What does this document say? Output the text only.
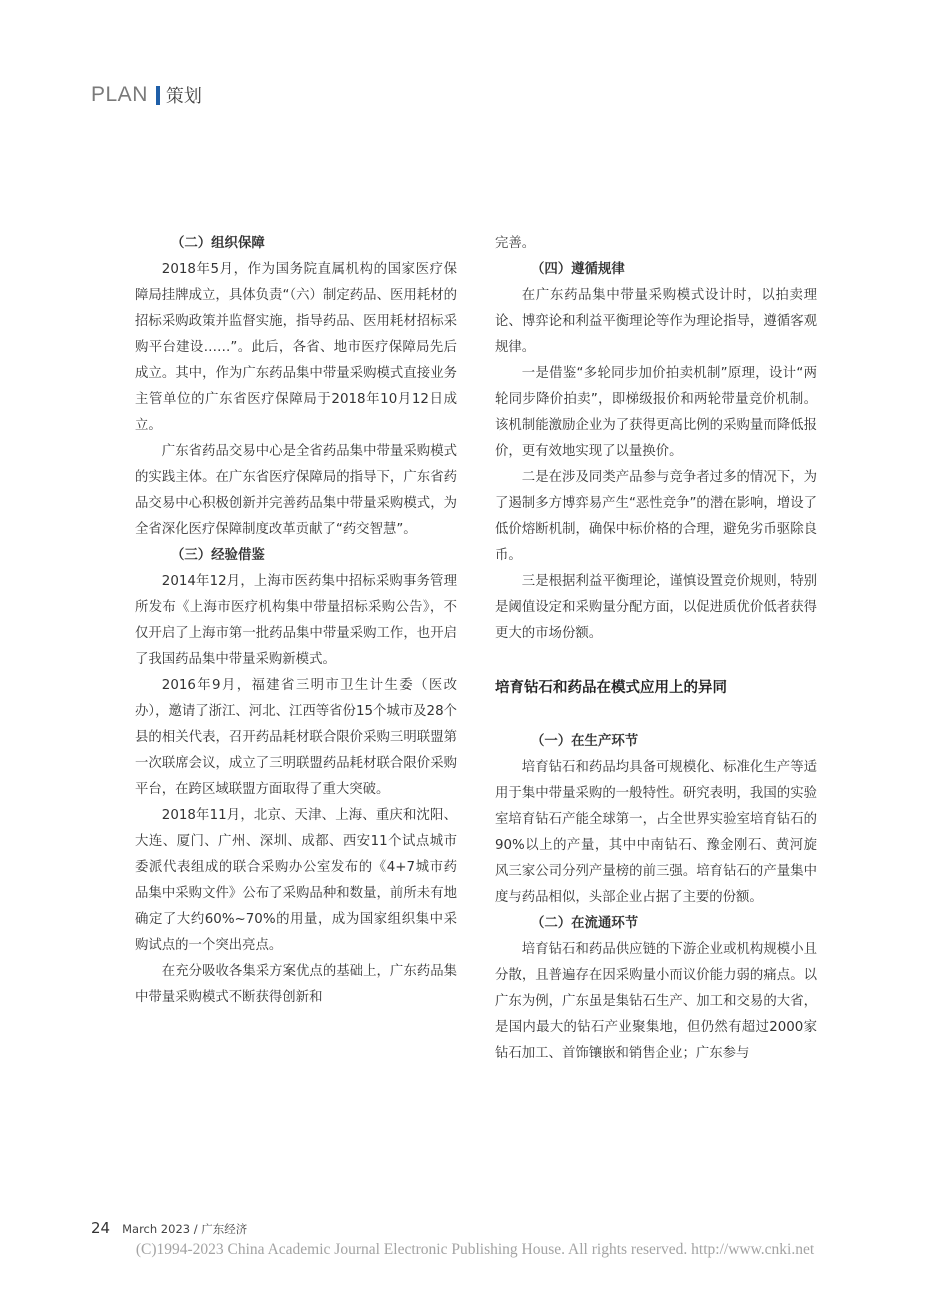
PLAN 策划
（二）组织保障

2018年5月，作为国务院直属机构的国家医疗保障局挂牌成立，具体负责“（六）制定药品、医用耗材的招标采购政策并监督实施，指导药品、医用耗材招标采购平台建设……”。此后，各省、地市医疗保障局先后成立。其中，作为广东药品集中带量采购模式直接业务主管单位的广东省医疗保障局于2018年10月12日成立。

广东省药品交易中心是全省药品集中带量采购模式的实践主体。在广东省医疗保障局的指导下，广东省药品交易中心积极创新并完善药品集中带量采购模式，为全省深化医疗保障制度改革贡献了“药交智慧”。

（三）经验借鉴

2014年12月，上海市医药集中招标采购事务管理所发布《上海市医疗机构集中带量招标采购公告》，不仅开启了上海市第一批药品集中带量采购工作，也开启了我国药品集中带量采购新模式。

2016年9月，福建省三明市卫生计生委（医改办），邀请了浙江、河北、江西等省份15个城市及28个县的相关代表，召开药品耗材联合限价采购三明联盟第一次联席会议，成立了三明联盟药品耗材联合限价采购平台，在跨区域联盟方面取得了重大突破。

2018年11月，北京、天津、上海、重庆和沈阳、大连、厦门、广州、深圳、成都、西安11个试点城市委派代表组成的联合采购办公室发布的《4+7城市药品集中采购文件》公布了采购品种和数量，前所未有地确定了大约60%~70%的用量，成为国家组织集中采购试点的一个突出亮点。

在充分吸收各集采方案优点的基础上，广东药品集中带量采购模式不断获得创新和

完善。

（四）遵循规律

在广东药品集中带量采购模式设计时，以拍卖理论、博弈论和利益平衡理论等作为理论指导，遵循客观规律。

一是借鉴“多轮同步加价拍卖机制”原理，设计“两轮同步降价拍卖”，即梯级报价和两轮带量竞价机制。该机制能激励企业为了获得更高比例的采购量而降低报价，更有效地实现了以量换价。

二是在涉及同类产品参与竞争者过多的情况下，为了遏制多方博弈易产生“恶性竞争”的潜在影响，增设了低价熔断机制，确保中标价格的合理，避免劣币驱除良币。

三是根据利益平衡理论，谨慎设置竞价规则，特别是阈值设定和采购量分配方面，以促进质优价低者获得更大的市场份额。

培育钻石和药品在模式应用上的异同
（一）在生产环节

培育钻石和药品均具备可规模化、标准化生产等适用于集中带量采购的一般特性。研究表明，我国的实验室培育钻石产能全球第一，占全世界实验室培育钻石的90%以上的产量，其中中南钻石、豫金刚石、黄河旋风三家公司分列产量榜的前三强。培育钻石的产量集中度与药品相似，头部企业占据了主要的份额。

（二）在流通环节

培育钻石和药品供应链的下游企业或机构规模小且分散，且普遍存在因采购量小而议价能力弱的痛点。以广东为例，广东虽是集钻石生产、加工和交易的大省，是国内最大的钻石产业聚集地，但仍然有超过2000家钻石加工、首饰镶嵌和销售企业；广东参与

24 March 2023 / 广东经济
(C)1994-2023 China Academic Journal Electronic Publishing House. All rights reserved. http://www.cnki.net
